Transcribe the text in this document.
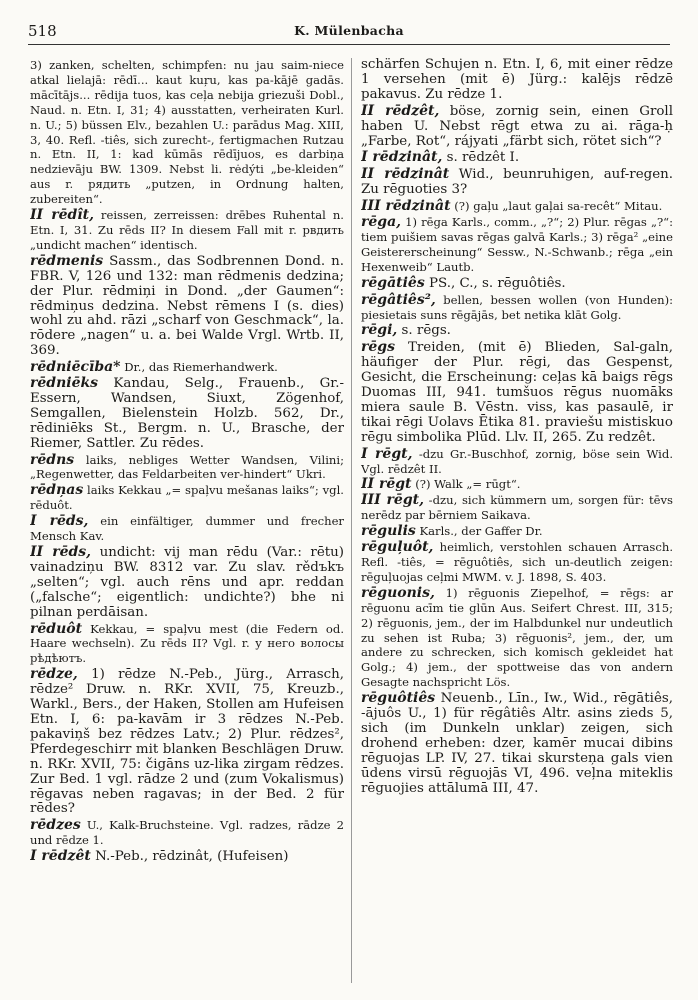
518	K. Mülenbacha

3) zanken, schelten, schimpfen: nu jau saim-niece atkal lielajā: rēdī... kaut kuŗu, kas pa-kājē gadās. mācītājs... rēdija tuos, kas ceļa nebija griezuši Dobl., Naud. n. Etn. I, 31; 4) ausstatten, verheiraten Kurl. n. U.; 5) büssen Elv., bezahlen U.: parādus Mag. XIII, 3, 40. Refl. -tiês, sich zurecht-, fertigmachen Rutzau n. Etn. II, 1: kad kūmās rēdījuos, es darbiņa nedzievāju BW. 1309. Nebst li. rėdýti „be-kleiden“ aus r. рядить „putzen, in Ordnung halten, zubereiten“.

II rēdît, reissen, zerreissen: drēbes Ruhental n. Etn. I, 31. Zu rēds II? In diesem Fall mit r. рвдить „undicht machen“ identisch.

rēdmenis Sassm., das Sodbrennen Dond. n. FBR. V, 126 und 132: man rēdmenis dedzina; der Plur. rēdmiņi in Dond. „der Gaumen“: rēdmiņus dedzina. Nebst rēmens I (s. dies) wohl zu ahd. rāzi „scharf von Geschmack“, la. rōdere „nagen“ u. a. bei Walde Vrgl. Wrtb. II, 369.

rēdniēcība* Dr., das Riemerhandwerk.

rēdniēks Kandau, Selg., Frauenb., Gr.-Essern, Wandsen, Siuxt, Zögenhof, Semgallen, Bielenstein Holzb. 562, Dr., rēdiniēks St., Bergm. n. U., Brasche, der Riemer, Sattler. Zu rēdes.

rēdns laiks, nebliges Wetter Wandsen, Vilini; „Regenwetter, das Feldarbeiten ver-hindert“ Ukri.

rēdņas laiks Kekkau „= spaļvu mešanas laiks“; vgl. rēduôt.

I rēds, ein einfältiger, dummer und frecher Mensch Kav.

II rēds, undicht: vij man rēdu (Var.: rētu) vainadziņu BW. 8312 var. Zu slav. rědъkъ „selten“; vgl. auch rēns und apr. reddan („falsche“; eigentlich: undichte?) bhe ni pilnan perdāisan.

rēduôt Kekkau, = spaļvu mest (die Federn od. Haare wechseln). Zu rēds II? Vgl. r. у него волосы рѣдѣютъ.

rēdze, 1) rēdze N.-Peb., Jürg., Arrasch, rēdze² Druw. n. RKr. XVII, 75, Kreuzb., Warkl., Bers., der Haken, Stollen am Hufeisen Etn. I, 6: pa-kavām ir 3 rēdzes N.-Peb. pakaviņš bez rēdzes Latv.; 2) Plur. rēdzes², Pferdegeschirr mit blanken Beschlägen Druw. n. RKr. XVII, 75: čigāns uz-lika zirgam rēdzes. Zur Bed. 1 vgl. rādze 2 und (zum Vokalismus) rēgavas neben ragavas; in der Bed. 2 für rēdes?

rēdzes U., Kalk-Bruchsteine. Vgl. radzes, rādze 2 und rēdze 1.

I rēdzêt N.-Peb., rēdzinât, (Hufeisen)

schärfen Schujen n. Etn. I, 6, mit einer rēdze 1 versehen (mit ē) Jürg.: kalējs rēdzē pakavus. Zu rēdze 1.

II rēdzêt, böse, zornig sein, einen Groll haben U. Nebst rēgt etwa zu ai. rāga-ḥ „Farbe, Rot“, rájyati „färbt sich, rötet sich“?

I rēdzinât, s. rēdzêt I.

II rēdzinât Wid., beunruhigen, auf-regen. Zu rēguoties 3?

III rēdzinât (?) gaļu „laut gaļai sa-recêt“ Mitau.

rēga, 1) rēga Karls., comm., „?“; 2) Plur. rēgas „?“: tiem puišiem savas rēgas galvā Karls.; 3) rēga² „eine Geistererscheinung“ Sessw., N.-Schwanb.; rēga „ein Hexenweib“ Lautb.

rēgātiês PS., C., s. rēguôtiês.

rēgâtiês², bellen, bessen wollen (von Hunden): piesietais suns rēgājās, bet netika klāt Golg.

rēgi, s. rēgs.

rēgs Treiden, (mit ē) Blieden, Sal-galn, häufiger der Plur. rēgi, das Gespenst, Gesicht, die Erscheinung: ceļas kā baigs rēgs Duomas III, 941. tumšuos rēgus nuomāks miera saule B. Vēstn. viss, kas pasaulē, ir tikai rēgi Uolavs Ētika 81. praviešu mistiskuo rēgu simbolika Plūd. Llv. II, 265. Zu redzêt.

I rēgt, -dzu Gr.-Buschhof, zornig, böse sein Wid. Vgl. rēdzêt II.

II rēgt (?) Walk „= rūgt“.

III rēgt, -dzu, sich kümmern um, sorgen für: tēvs nerēdz par bērniem Saikava.

rēgulis Karls., der Gaffer Dr.

rēguļuôt, heimlich, verstohlen schauen Arrasch. Refl. -tiês, = rēguôtiês, sich un-deutlich zeigen: rēguļuojas ceļmi MWM. v. J. 1898, S. 403.

rēguonis, 1) rēguonis Ziepelhof, = rēgs: ar rēguonu acīm tie glūn Aus. Seifert Chrest. III, 315; 2) rēguonis, jem., der im Halbdunkel nur undeutlich zu sehen ist Ruba; 3) rēguonis², jem., der, um andere zu schrecken, sich komisch gekleidet hat Golg.; 4) jem., der spottweise das von andern Gesagte nachspricht Lös.

rēguôtiês Neuenb., Līn., Iw., Wid., rēgātiês, -ājuôs U., 1) für rēgâtiês Altr. asins zieds 5, sich (im Dunkeln unklar) zeigen, sich drohend erheben: dzer, kamēr mucai dibins rēguojas LP. IV, 27. tikai skursteņa gals vien ūdens virsū rēguojās VI, 496. veļna miteklis rēguojies attālumā III, 47.
